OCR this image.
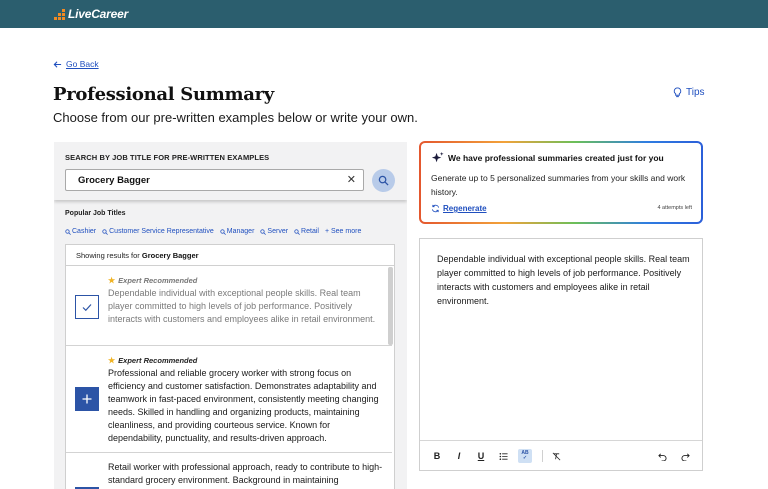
LiveCareer
Go Back
Professional Summary

Choose from our pre-written examples below or write your own.

Tips
SEARCH BY JOB TITLE FOR PRE-WRITTEN EXAMPLES
Grocery Bagger	✕
Popular Job Titles
Cashier Customer Service Representative Manager Server Retail + See more
Showing results for Grocery Bagger
★ Expert Recommended
Dependable individual with exceptional people skills. Real team player committed to high levels of job performance. Positively interacts with customers and employees alike in retail environment.
★ Expert Recommended
Professional and reliable grocery worker with strong focus on efficiency and customer satisfaction. Demonstrates adaptability and teamwork in fast-paced environment, consistently meeting changing needs. Skilled in handling and organizing products, maintaining cleanliness, and providing courteous service. Known for dependability, punctuality, and results-driven approach.
Retail worker with professional approach, ready to contribute to high-standard grocery environment. Background in maintaining
We have professional summaries created just for you
Generate up to 5 personalized summaries from your skills and work history.
Regenerate	4 attempts left
Dependable individual with exceptional people skills. Real team player committed to high levels of job performance. Positively interacts with customers and employees alike in retail environment.
B	I	U	AB
✓
